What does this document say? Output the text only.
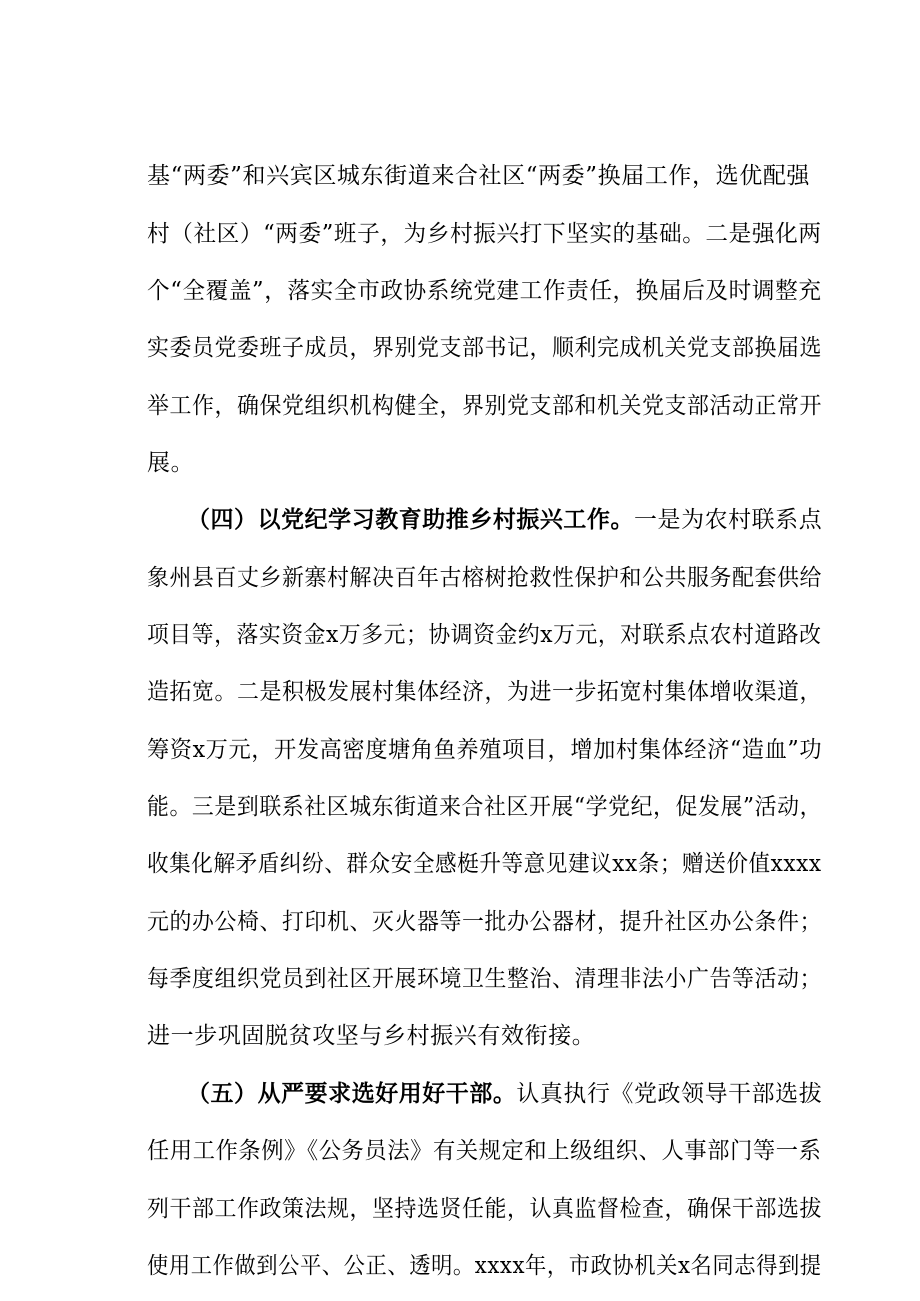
基“两委”和兴宾区城东街道来合社区“两委”换届工作，选优配强
村（社区）“两委”班子，为乡村振兴打下坚实的基础。二是强化两
个“全覆盖”，落实全市政协系统党建工作责任，换届后及时调整充
实委员党委班子成员，界别党支部书记，顺利完成机关党支部换届选
举工作，确保党组织机构健全，界别党支部和机关党支部活动正常开
展。
（四）以党纪学习教育助推乡村振兴工作。一是为农村联系点
象州县百丈乡新寨村解决百年古榕树抢救性保护和公共服务配套供给
项目等，落实资金x万多元；协调资金约x万元，对联系点农村道路改
造拓宽。二是积极发展村集体经济，为进一步拓宽村集体增收渠道，
筹资x万元，开发高密度塘角鱼养殖项目，增加村集体经济“造血”功
能。三是到联系社区城东街道来合社区开展“学党纪，促发展”活动，
收集化解矛盾纠纷、群众安全感梃升等意见建议xx条；赠送价值xxxx
元的办公椅、打印机、灭火器等一批办公器材，提升社区办公条件；
每季度组织党员到社区开展环境卫生整治、清理非法小广告等活动；
进一步巩固脱贫攻坚与乡村振兴有效衔接。
（五）从严要求选好用好干部。认真执行《党政领导干部选拔
任用工作条例》《公务员法》有关规定和上级组织、人事部门等一系
列干部工作政策法规，坚持选贤任能，认真监督检查，确保干部选拔
使用工作做到公平、公正、透明。xxxx年，市政协机关x名同志得到提
